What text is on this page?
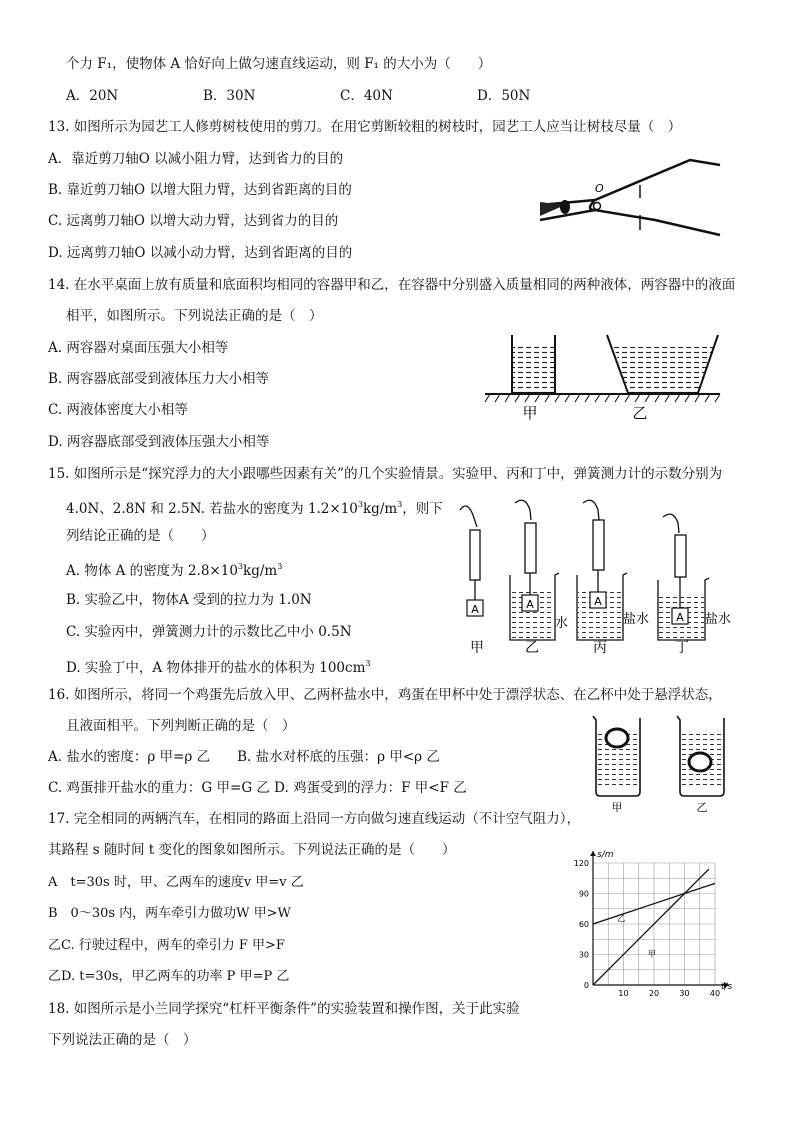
个力 F₁，使物体 A 恰好向上做匀速直线运动，则 F₁ 的大小为（　　）
A．20N	B．30N	C．40N	D．50N
13. 如图所示为园艺工人修剪树枝使用的剪刀。在用它剪断较粗的树枝时，园艺工人应当让树枝尽量（　）
A．靠近剪刀轴O 以减小阻力臂，达到省力的目的
B. 靠近剪刀轴O 以增大阻力臂，达到省距离的目的
C. 远离剪刀轴O 以增大动力臂，达到省力的目的
D. 远离剪刀轴O 以减小动力臂，达到省距离的目的
O
14. 在水平桌面上放有质量和底面积均相同的容器甲和乙，在容器中分别盛入质量相同的两种液体，两容器中的液面
相平，如图所示。下列说法正确的是（　）
A. 两容器对桌面压强大小相等
B. 两容器底部受到液体压力大小相等
C. 两液体密度大小相等
D. 两容器底部受到液体压强大小相等
甲	乙
15. 如图所示是“探究浮力的大小跟哪些因素有关”的几个实验情景。实验甲、丙和丁中，弹簧测力计的示数分别为
4.0N、2.8N 和 2.5N. 若盐水的密度为 $1.2\times 10^3kg/m^3$，则下
列结论正确的是（　　）
A. 物体 A 的密度为 $2.8\times 10^3kg/m^3$
B. 实验乙中，物体A 受到的拉力为 1.0N
C. 实验丙中，弹簧测力计的示数比乙中小 0.5N
D. 实验丁中，A 物体排开的盐水的体积为 $100cm^3$
A	A	A
A
水	盐水	盐水
甲	乙	丙	丁
16. 如图所示，将同一个鸡蛋先后放入甲、乙两杯盐水中，鸡蛋在甲杯中处于漂浮状态、在乙杯中处于悬浮状态，
且液面相平。下列判断正确的是（　）
A. 盐水的密度：ρ 甲=ρ 乙　　B. 盐水对杯底的压强：ρ 甲<ρ 乙
C. 鸡蛋排开盐水的重力：G 甲=G 乙 D. 鸡蛋受到的浮力：F 甲<F 乙
甲	乙
17. 完全相同的两辆汽车，在相同的路面上沿同一方向做匀速直线运动（不计空气阻力），
其路程 s 随时间 t 变化的图象如图所示。下列说法正确的是（　　）
A　t=30s 时，甲、乙两车的速度v 甲=v 乙
B　0～30s 内，两车牵引力做功W 甲>W
乙C. 行驶过程中，两车的牵引力 F 甲>F
乙D. t=30s，甲乙两车的功率 P 甲=P 乙
10	20	30	40
0
30
60
90
120
t/s
s/m
甲
乙
18. 如图所示是小兰同学探究“杠杆平衡条件”的实验装置和操作图，关于此实验
下列说法正确的是（　）
